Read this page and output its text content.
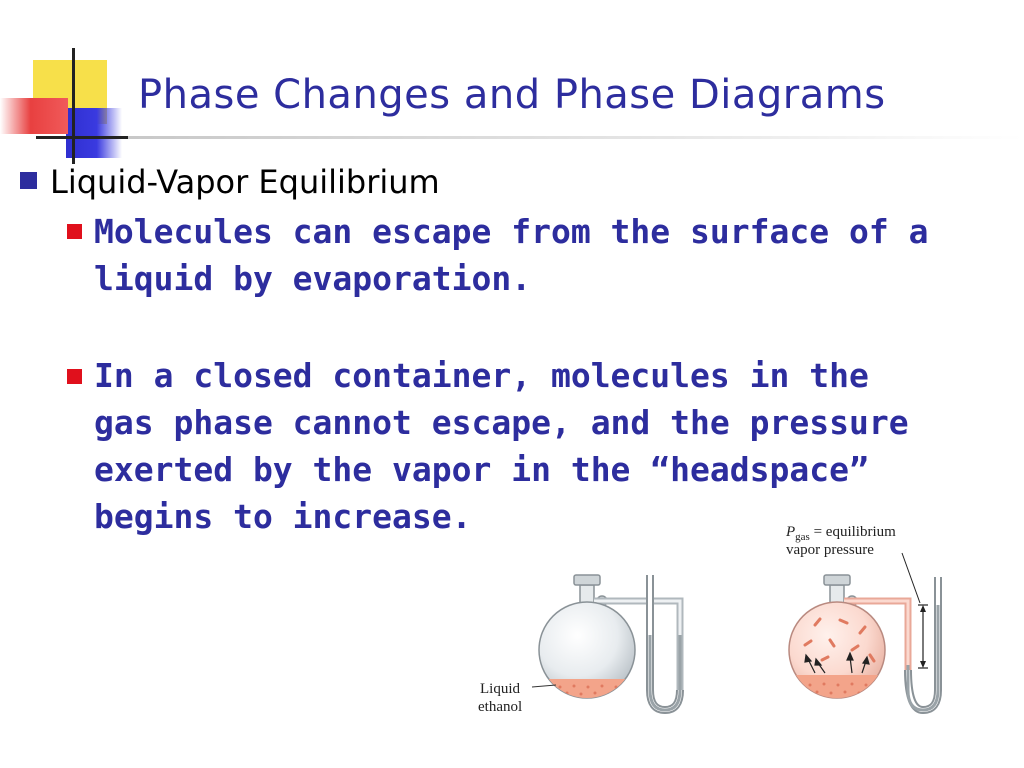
Phase Changes and Phase Diagrams
Liquid-Vapor Equilibrium
Molecules can escape from the surface of a liquid by evaporation.
In a closed container, molecules in the gas phase cannot escape, and the pressure exerted by the vapor in the “headspace” begins to increase.
Liquid
ethanol
$P_{gas}$ = equilibrium
vapor pressure
